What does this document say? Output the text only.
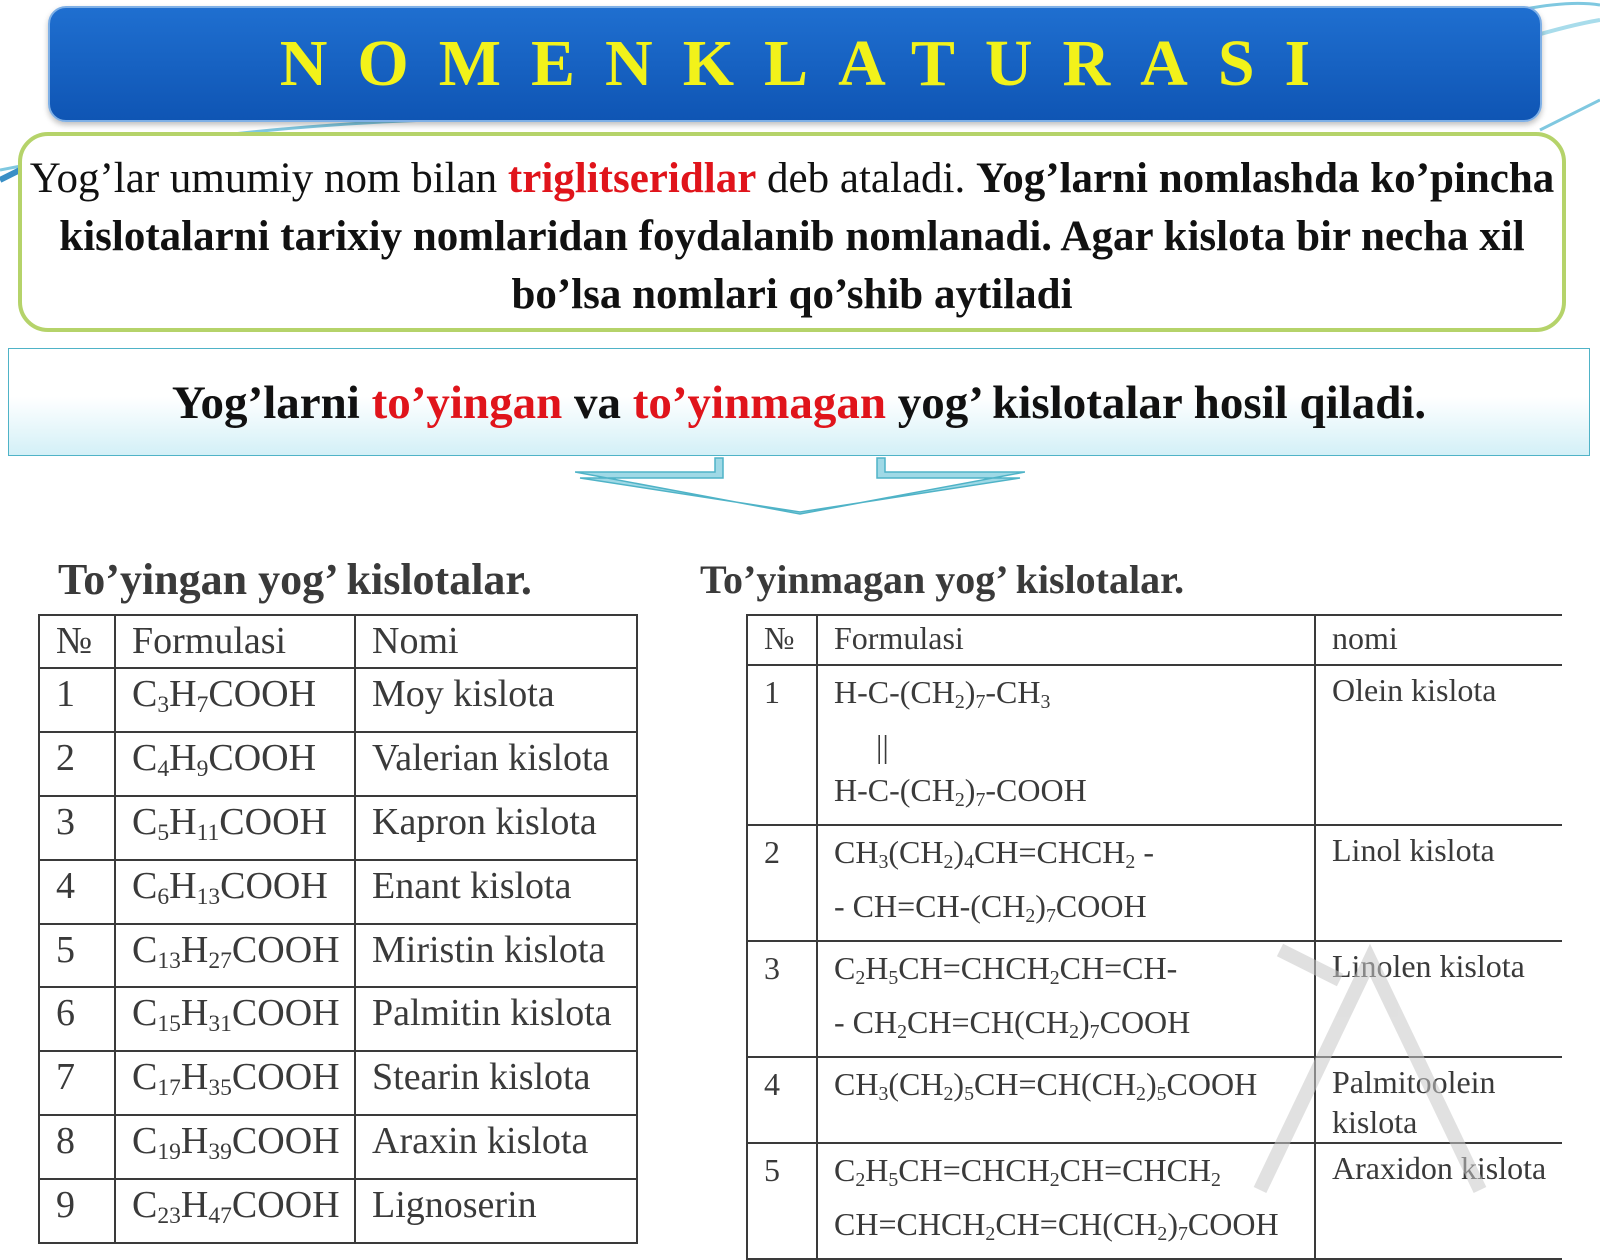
NOMENKLATURASI
Yog’lar umumiy nom bilan triglitseridlar deb ataladi. Yog’larni nomlashda ko’pincha kislotalarni tarixiy nomlaridan foydalanib nomlanadi. Agar kislota bir necha xil bo’lsa nomlari qo’shib aytiladi
Yog’larni to’yingan va to’yinmagan yog’ kislotalar hosil qiladi.
To’yingan yog’ kislotalar.	To’yinmagan yog’ kislotalar.
№	Formulasi	Nomi
1	$C_3H_7COOH$	Moy kislota
2	$C_4H_9COOH$	Valerian kislota
3	$C_5H_{11}COOH$	Kapron kislota
4	$C_6H_{13}COOH$	Enant kislota
5	$C_{13}H_{27}COOH$	Miristin kislota
6	$C_{15}H_{31}COOH$	Palmitin kislota
7	$C_{17}H_{35}COOH$	Stearin kislota
8	$C_{19}H_{39}COOH$	Araxin kislota
9	$C_{23}H_{47}COOH$	Lignoserin
№	Formulasi	nomi
1	$H-C-(CH_2)_7-CH_3$
||
$H-C-(CH_2)_7$-COOH	Olein kislota
2	$CH_3(CH_2)_4CH=CHCH_2$ -
- $CH=CH-(CH_2)_7COOH$	Linol kislota
3	$C_2H_5CH=CHCH_2CH=CH-$
- $CH_2CH=CH(CH_2)_7COOH$	Linolen kislota
4	$CH_3(CH_2)_5CH=CH(CH_2)_5COOH$	Palmitoolein kislota
5	$C_2H_5CH=CHCH_2CH=CHCH_2$
$CH=CHCH_2CH=CH(CH_2)_7COOH$	Araxidon kislota
